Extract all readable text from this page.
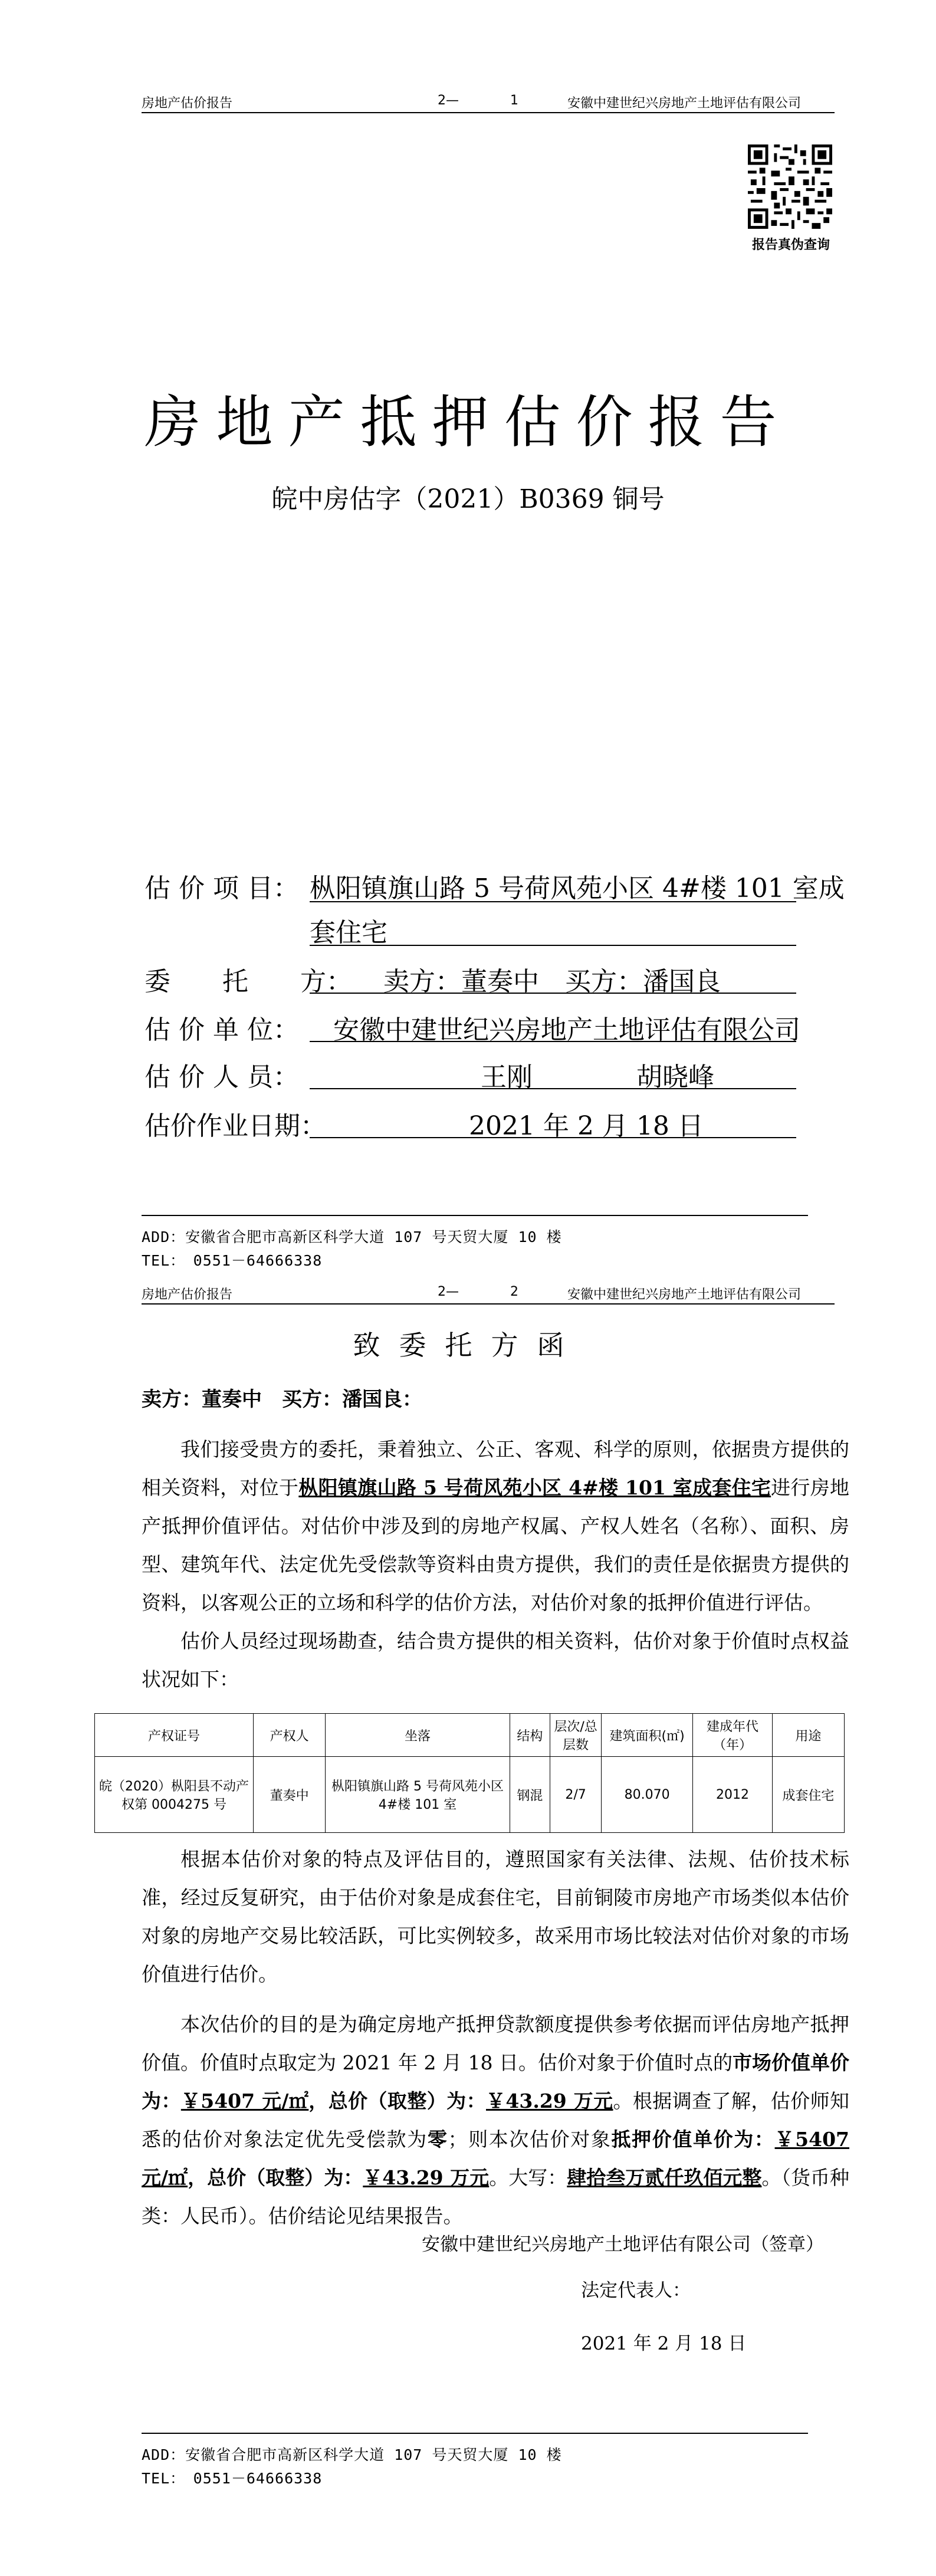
房地产估价报告	2—	1	安徽中建世纪兴房地产土地评估有限公司
报告真伪查询
房地产抵押估价报告
皖中房估字（2021）B0369 铜号
估 价 项 目： 枞阳镇旗山路 5 号荷风苑小区 4#楼 101 室成
套住宅
委　　托　　方： 卖方：董奏中　买方：潘国良
估 价 单 位： 安徽中建世纪兴房地产土地评估有限公司
估 价 人 员：	王刚　　　　胡晓峰
估价作业日期：	2021 年 2 月 18 日
ADD：安徽省合肥市高新区科学大道 107 号天贸大厦 10 楼
TEL：　0551－64666338
房地产估价报告	2—	2	安徽中建世纪兴房地产土地评估有限公司
致委托方函
卖方：董奏中　买方：潘国良：
我们接受贵方的委托，秉着独立、公正、客观、科学的原则，依据贵方提供的相关资料，对位于枞阳镇旗山路 5 号荷风苑小区 4#楼 101 室成套住宅进行房地产抵押价值评估。对估价中涉及到的房地产权属、产权人姓名（名称）、面积、房型、建筑年代、法定优先受偿款等资料由贵方提供，我们的责任是依据贵方提供的资料，以客观公正的立场和科学的估价方法，对估价对象的抵押价值进行评估。
估价人员经过现场勘查，结合贵方提供的相关资料，估价对象于价值时点权益状况如下：
产权证号	产权人	坐落	结构	层次/总层数	建筑面积(㎡)	建成年代（年）	用途
皖（2020）枞阳县不动产权第 0004275 号	董奏中	枞阳镇旗山路 5 号荷风苑小区 4#楼 101 室	钢混	2/7	80.070	2012	成套住宅
根据本估价对象的特点及评估目的，遵照国家有关法律、法规、估价技术标准，经过反复研究，由于估价对象是成套住宅，目前铜陵市房地产市场类似本估价对象的房地产交易比较活跃，可比实例较多，故采用市场比较法对估价对象的市场价值进行估价。
本次估价的目的是为确定房地产抵押贷款额度提供参考依据而评估房地产抵押价值。价值时点取定为 2021 年 2 月 18 日。估价对象于价值时点的市场价值单价为：￥5407 元/㎡，总价（取整）为：￥43.29 万元。根据调查了解，估价师知悉的估价对象法定优先受偿款为零；则本次估价对象抵押价值单价为：￥5407 元/㎡，总价（取整）为：￥43.29 万元。大写：肆拾叁万贰仟玖佰元整。（货币种类：人民币）。估价结论见结果报告。
安徽中建世纪兴房地产土地评估有限公司（签章）
法定代表人：
2021 年 2 月 18 日
ADD：安徽省合肥市高新区科学大道 107 号天贸大厦 10 楼
TEL：　0551－64666338
